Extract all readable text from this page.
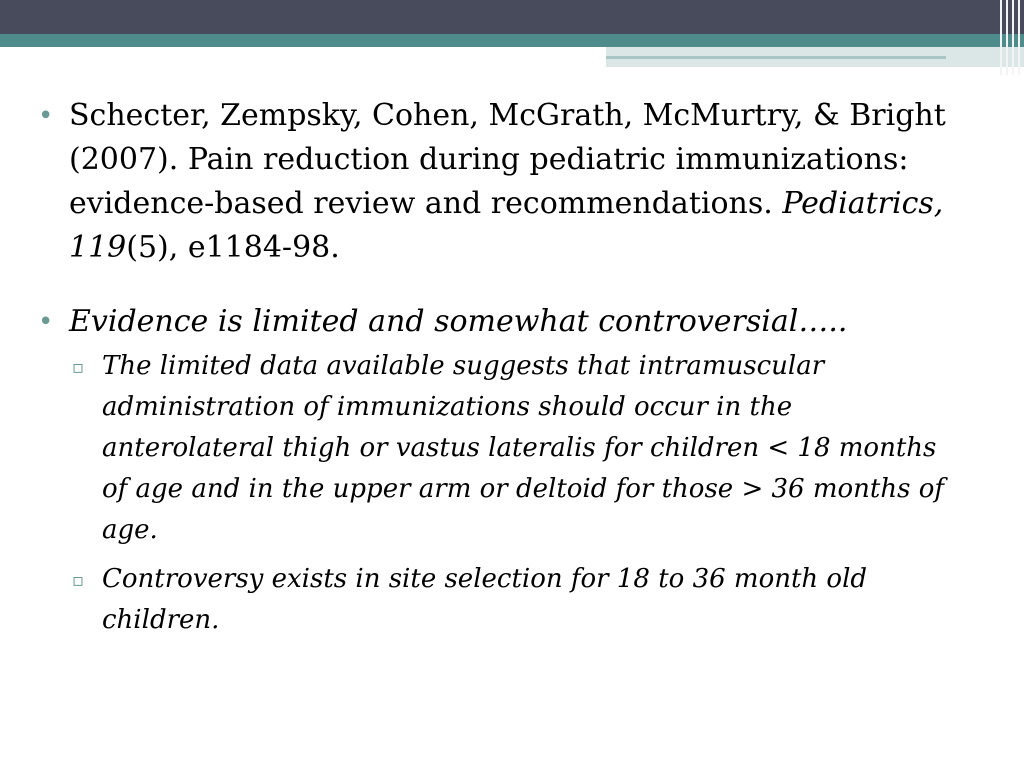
• Schecter, Zempsky, Cohen, McGrath, McMurtry, & Bright (2007). Pain reduction during pediatric immunizations: evidence-based review and recommendations. Pediatrics, 119(5), e1184-98.
• Evidence is limited and somewhat controversial…..
▫ The limited data available suggests that intramuscular administration of immunizations should occur in the anterolateral thigh or vastus lateralis for children < 18 months of age and in the upper arm or deltoid for those > 36 months of age.
▫ Controversy exists in site selection for 18 to 36 month old children.
